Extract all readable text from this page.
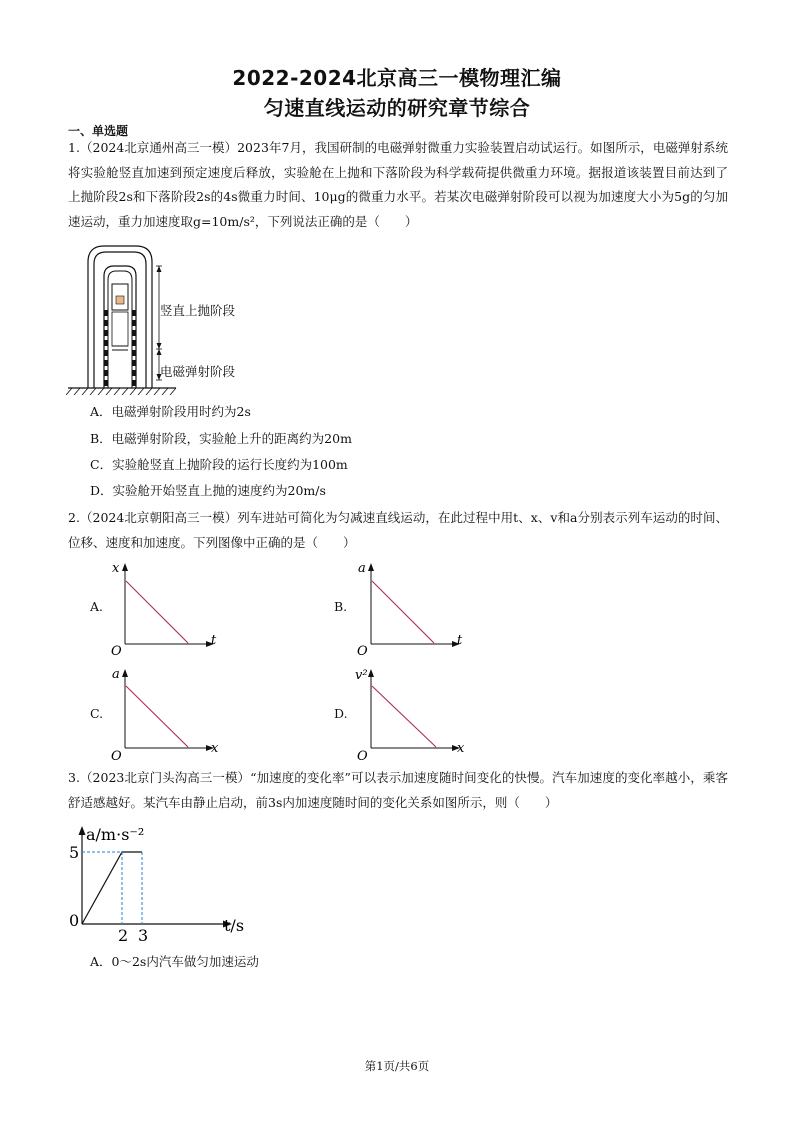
2022-2024北京高三一模物理汇编
匀速直线运动的研究章节综合
一、单选题
1.（2024北京通州高三一模）2023年7月，我国研制的电磁弹射微重力实验装置启动试运行。如图所示，电磁弹射系统将实验舱竖直加速到预定速度后释放，实验舱在上抛和下落阶段为科学载荷提供微重力环境。据报道该装置目前达到了上抛阶段2s和下落阶段2s的4s微重力时间、10μg的微重力水平。若某次电磁弹射阶段可以视为加速度大小为5g的匀加速运动，重力加速度取g=10m/s²，下列说法正确的是（　　）
竖直上抛阶段
电磁弹射阶段
A．电磁弹射阶段用时约为2s
B．电磁弹射阶段，实验舱上升的距离约为20m
C．实验舱竖直上抛阶段的运行长度约为100m
D．实验舱开始竖直上抛的速度约为20m/s
2.（2024北京朝阳高三一模）列车进站可简化为匀减速直线运动，在此过程中用t、x、v和a分别表示列车运动的时间、位移、速度和加速度。下列图像中正确的是（　　）
A.
x
t
O
B.
a
t
O
C.
a
x
O
D.
v²
x
O
3.（2023北京门头沟高三一模）“加速度的变化率”可以表示加速度随时间变化的快慢。汽车加速度的变化率越小，乘客舒适感越好。某汽车由静止启动，前3s内加速度随时间的变化关系如图所示，则（　　）
a/m·s⁻²
t/s
0
2 3
5
A．0～2s内汽车做匀加速运动
第1页/共6页
